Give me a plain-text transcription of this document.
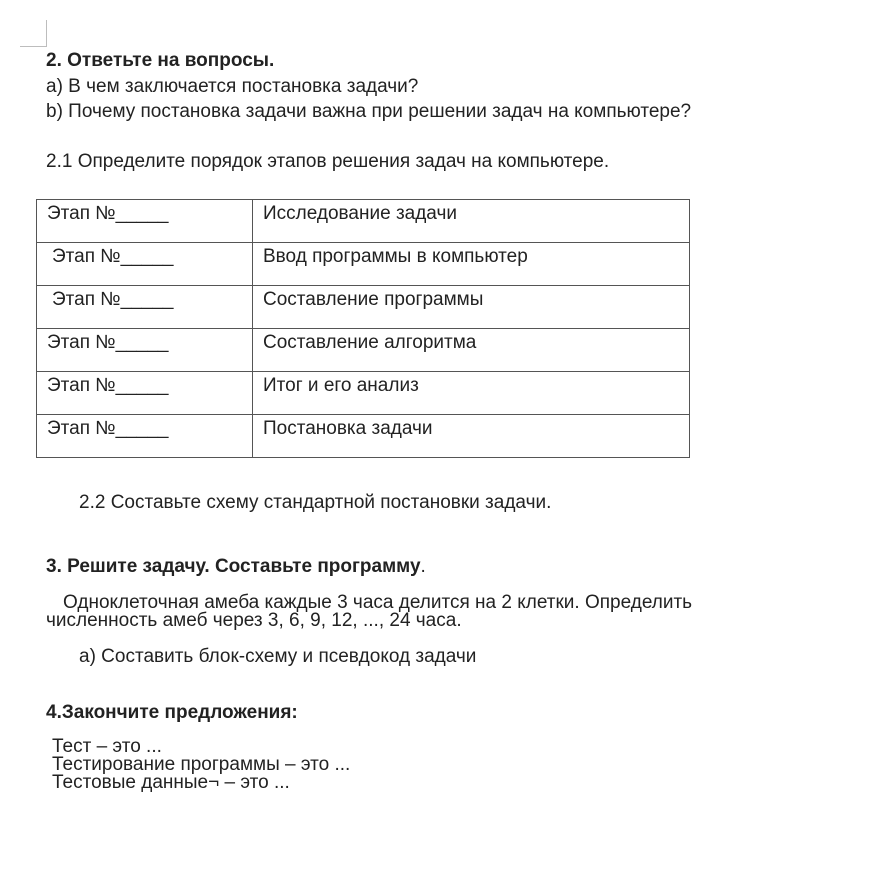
2. Ответьте на вопросы.
а) В чем заключается постановка задачи?
b) Почему постановка задачи важна при решении задач на компьютере?
2.1 Определите порядок этапов решения задач на компьютере.
Этап №_____	Исследование задачи
Этап №_____	Ввод программы в компьютер
Этап №_____	Составление программы
Этап №_____	Составление алгоритма
Этап №_____	Итог и его анализ
Этап №_____	Постановка задачи
2.2 Составьте схему стандартной постановки задачи.
3. Решите задачу. Составьте программу.
Одноклеточная амеба каждые 3 часа делится на 2 клетки. Определить
численность амеб через 3, 6, 9, 12, ..., 24 часа.
а) Составить блок-схему и псевдокод задачи
4.Закончите предложения:
Тест – это ...
Тестирование программы – это ...
Тестовые данные¬ – это ...
